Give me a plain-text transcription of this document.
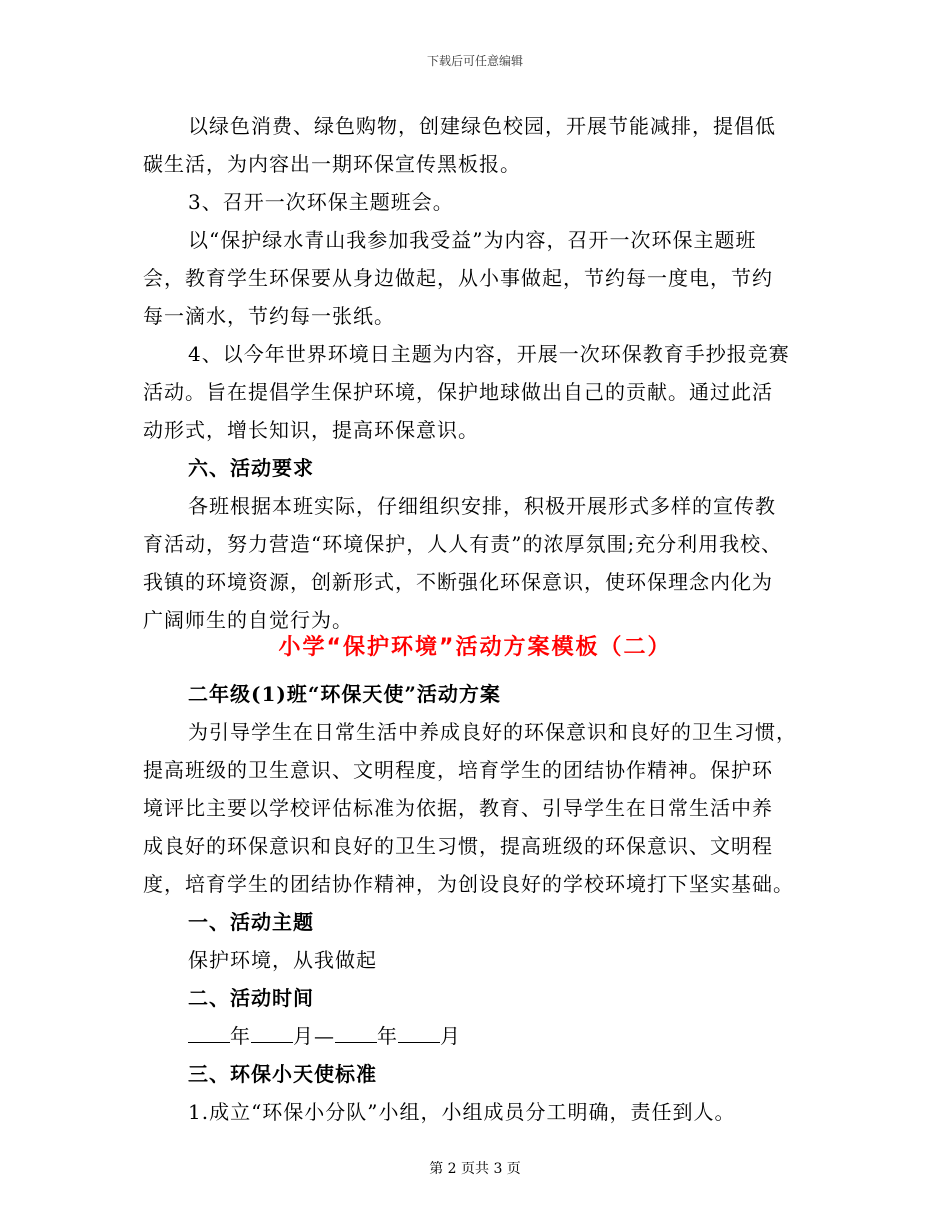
下载后可任意编辑
以绿色消费、绿色购物，创建绿色校园，开展节能减排，提倡低
碳生活，为内容出一期环保宣传黑板报。
3、召开一次环保主题班会。
以“保护绿水青山我参加我受益”为内容，召开一次环保主题班
会，教育学生环保要从身边做起，从小事做起，节约每一度电，节约
每一滴水，节约每一张纸。
4、以今年世界环境日主题为内容，开展一次环保教育手抄报竞赛
活动。旨在提倡学生保护环境，保护地球做出自己的贡献。通过此活
动形式，增长知识，提高环保意识。
六、活动要求
各班根据本班实际，仔细组织安排，积极开展形式多样的宣传教
育活动，努力营造“环境保护，人人有责”的浓厚氛围;充分利用我校、
我镇的环境资源，创新形式，不断强化环保意识，使环保理念内化为
广阔师生的自觉行为。
小学“保护环境”活动方案模板（二）
二年级(1)班“环保天使”活动方案
为引导学生在日常生活中养成良好的环保意识和良好的卫生习惯，
提高班级的卫生意识、文明程度，培育学生的团结协作精神。保护环
境评比主要以学校评估标准为依据，教育、引导学生在日常生活中养
成良好的环保意识和良好的卫生习惯，提高班级的环保意识、文明程
度，培育学生的团结协作精神，为创设良好的学校环境打下坚实基础。
一、活动主题
保护环境，从我做起
二、活动时间
年 月— 年 月
三、环保小天使标准
1.成立“环保小分队”小组，小组成员分工明确，责任到人。
第 2 页共 3 页
